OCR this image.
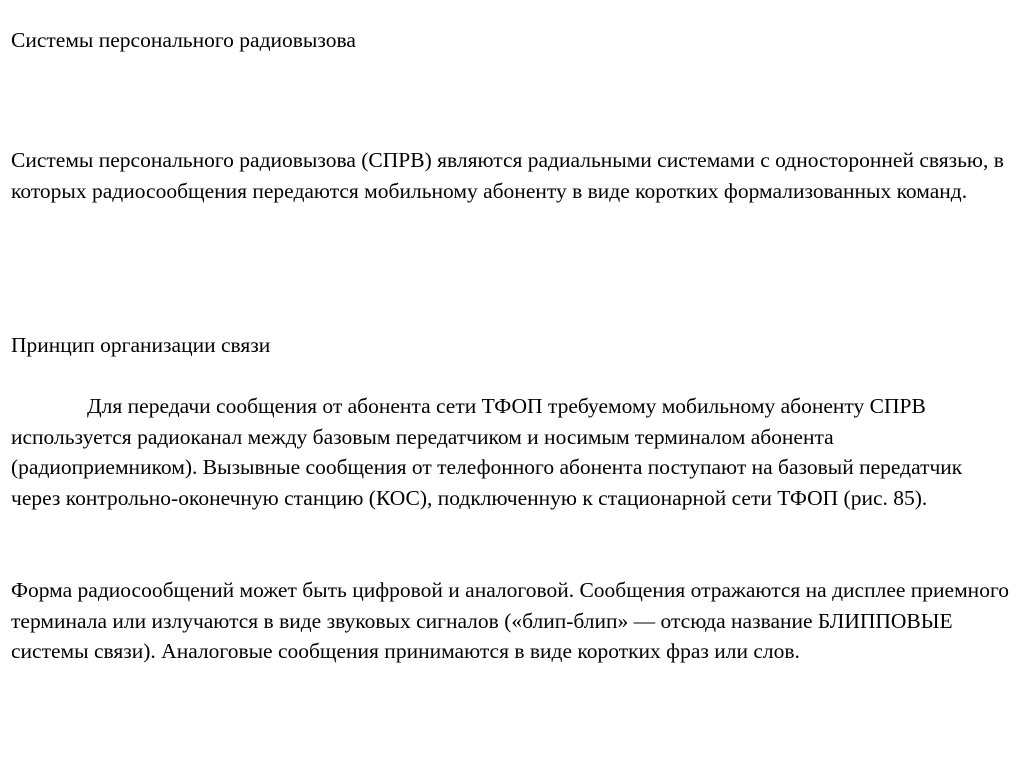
Системы персонального радиовызова

Системы персонального радиовызова (СПРВ) являются радиальными системами с односторонней связью, в которых радиосообщения передаются мобильному абоненту в виде коротких формализованных команд.

Принцип организации связи

Для передачи сообщения от абонента сети ТФОП требуемому мобильному абоненту СПРВ используется радиоканал между базовым передатчиком и носимым терминалом абонента (радиоприемником). Вызывные сообщения от телефонного абонента поступают на базовый передатчик через контрольно-оконечную станцию (КОС), подключенную к стационарной сети ТФОП (рис. 85).

Форма радиосообщений может быть цифровой и аналоговой. Сообщения отражаются на дисплее приемного терминала или излучаются в виде звуковых сигналов («блип-блип» — отсюда название БЛИППОВЫЕ системы связи). Аналоговые сообщения принимаются в виде коротких фраз или слов.
